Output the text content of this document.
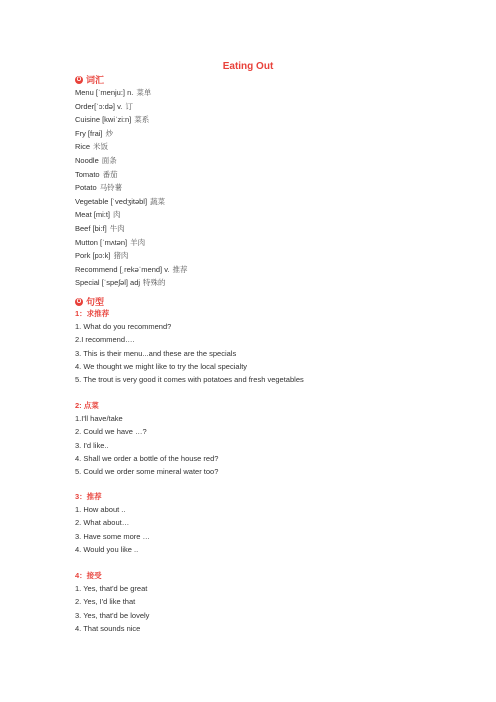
Eating Out
O 词汇
Menu [ˈmenju:] n. 菜单
Order[ˈɔ:də] v. 订
Cuisine [kwiˈzi:n] 菜系
Fry [frai] 炒
Rice 米饭
Noodle 面条
Tomato 番茄
Potato 马铃薯
Vegetable [ˈvedʒitəbl] 蔬菜
Meat [mi:t] 肉
Beef [bi:f] 牛肉
Mutton [ˈmʌtən] 羊肉
Pork [pɔ:k] 猪肉
Recommend [ˌrekəˈmend] v. 推荐
Special [ˈspeʃəl] adj 特殊的
O 句型
1：求推荐
1. What do you recommend?
2.I recommend….
3. This is their menu...and these are the specials
4. We thought we might like to try the local specialty
5. The trout is very good it comes with potatoes and fresh vegetables
2: 点菜
1.I'll have/take
2. Could we have …?
3. I'd like..
4. Shall we order a bottle of the house red?
5. Could we order some mineral water too?
3：推荐
1. How about ..
2. What about…
3. Have some more …
4. Would you like ..
4：接受
1. Yes, that'd be great
2. Yes, I'd like that
3. Yes, that'd be lovely
4. That sounds nice
